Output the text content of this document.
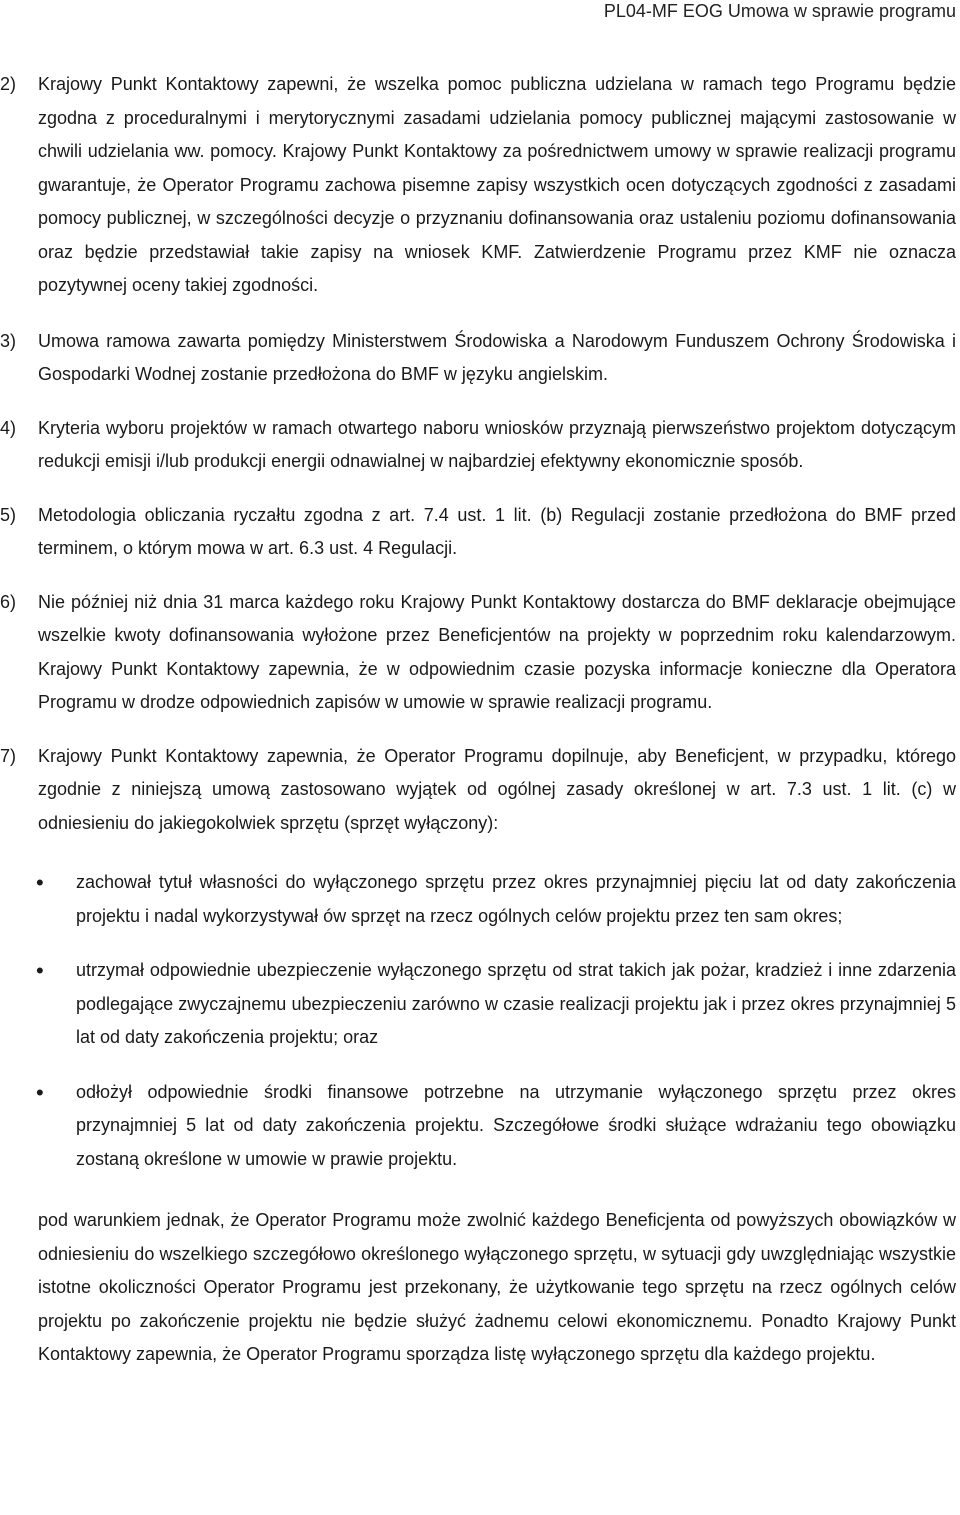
PL04-MF EOG Umowa w sprawie programu
2) Krajowy Punkt Kontaktowy zapewni, że wszelka pomoc publiczna udzielana w ramach tego Programu będzie zgodna z proceduralnymi i merytorycznymi zasadami udzielania pomocy publicznej mającymi zastosowanie w chwili udzielania ww. pomocy. Krajowy Punkt Kontaktowy za pośrednictwem umowy w sprawie realizacji programu gwarantuje, że Operator Programu zachowa pisemne zapisy wszystkich ocen dotyczących zgodności z zasadami pomocy publicznej, w szczególności decyzje o przyznaniu dofinansowania oraz ustaleniu poziomu dofinansowania oraz będzie przedstawiał takie zapisy na wniosek KMF. Zatwierdzenie Programu przez KMF nie oznacza pozytywnej oceny takiej zgodności.
3) Umowa ramowa zawarta pomiędzy Ministerstwem Środowiska a Narodowym Funduszem Ochrony Środowiska i Gospodarki Wodnej zostanie przedłożona do BMF w języku angielskim.
4) Kryteria wyboru projektów w ramach otwartego naboru wniosków przyznają pierwszeństwo projektom dotyczącym redukcji emisji i/lub produkcji energii odnawialnej w najbardziej efektywny ekonomicznie sposób.
5) Metodologia obliczania ryczałtu zgodna z art. 7.4 ust. 1 lit. (b) Regulacji zostanie przedłożona do BMF przed terminem, o którym mowa w art. 6.3 ust. 4 Regulacji.
6) Nie później niż dnia 31 marca każdego roku Krajowy Punkt Kontaktowy dostarcza do BMF deklaracje obejmujące wszelkie kwoty dofinansowania wyłożone przez Beneficjentów na projekty w poprzednim roku kalendarzowym. Krajowy Punkt Kontaktowy zapewnia, że w odpowiednim czasie pozyska informacje konieczne dla Operatora Programu w drodze odpowiednich zapisów w umowie w sprawie realizacji programu.
7) Krajowy Punkt Kontaktowy zapewnia, że Operator Programu dopilnuje, aby Beneficjent, w przypadku, którego zgodnie z niniejszą umową zastosowano wyjątek od ogólnej zasady określonej w art. 7.3 ust. 1 lit. (c) w odniesieniu do jakiegokolwiek sprzętu (sprzęt wyłączony):
• zachował tytuł własności do wyłączonego sprzętu przez okres przynajmniej pięciu lat od daty zakończenia projektu i nadal wykorzystywał ów sprzęt na rzecz ogólnych celów projektu przez ten sam okres;
• utrzymał odpowiednie ubezpieczenie wyłączonego sprzętu od strat takich jak pożar, kradzież i inne zdarzenia podlegające zwyczajnemu ubezpieczeniu zarówno w czasie realizacji projektu jak i przez okres przynajmniej 5 lat od daty zakończenia projektu; oraz
• odłożył odpowiednie środki finansowe potrzebne na utrzymanie wyłączonego sprzętu przez okres przynajmniej 5 lat od daty zakończenia projektu. Szczegółowe środki służące wdrażaniu tego obowiązku zostaną określone w umowie w prawie projektu.
pod warunkiem jednak, że Operator Programu może zwolnić każdego Beneficjenta od powyższych obowiązków w odniesieniu do wszelkiego szczegółowo określonego wyłączonego sprzętu, w sytuacji gdy uwzględniając wszystkie istotne okoliczności Operator Programu jest przekonany, że użytkowanie tego sprzętu na rzecz ogólnych celów projektu po zakończenie projektu nie będzie służyć żadnemu celowi ekonomicznemu. Ponadto Krajowy Punkt Kontaktowy zapewnia, że Operator Programu sporządza listę wyłączonego sprzętu dla każdego projektu.
